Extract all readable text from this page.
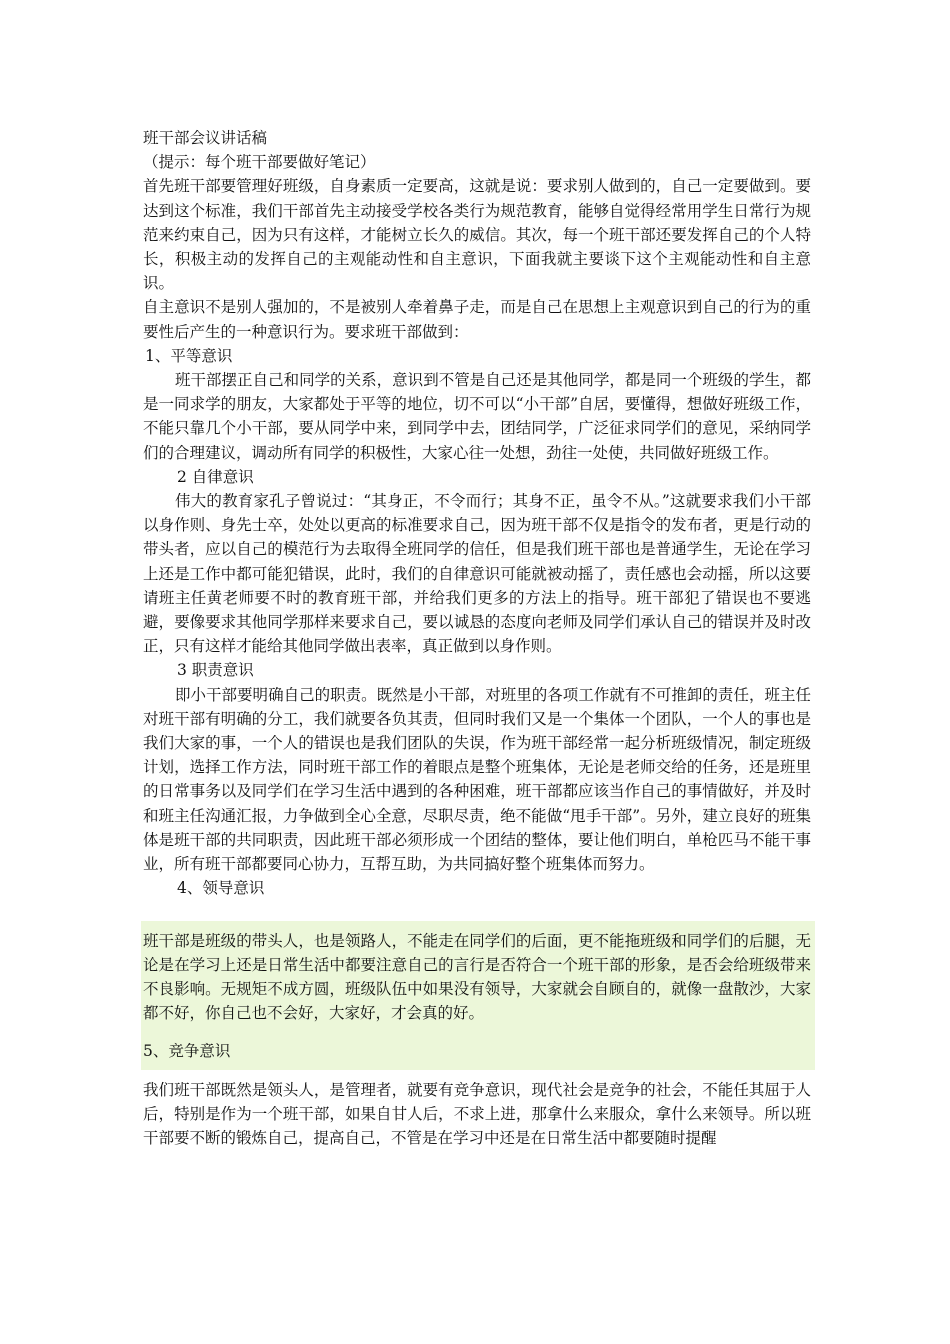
班干部会议讲话稿

（提示：每个班干部要做好笔记）

首先班干部要管理好班级，自身素质一定要高，这就是说：要求别人做到的，自己一定要做到。要达到这个标准，我们干部首先主动接受学校各类行为规范教育，能够自觉得经常用学生日常行为规范来约束自己，因为只有这样，才能树立长久的威信。其次，每一个班干部还要发挥自己的个人特长，积极主动的发挥自己的主观能动性和自主意识，下面我就主要谈下这个主观能动性和自主意识。

自主意识不是别人强加的，不是被别人牵着鼻子走，而是自己在思想上主观意识到自己的行为的重要性后产生的一种意识行为。要求班干部做到：

1、平等意识

班干部摆正自己和同学的关系，意识到不管是自己还是其他同学，都是同一个班级的学生，都是一同求学的朋友，大家都处于平等的地位，切不可以“小干部”自居，要懂得，想做好班级工作，不能只靠几个小干部，要从同学中来，到同学中去，团结同学，广泛征求同学们的意见，采纳同学们的合理建议，调动所有同学的积极性，大家心往一处想，劲往一处使，共同做好班级工作。

2 自律意识

伟大的教育家孔子曾说过：“其身正，不令而行；其身不正，虽令不从。”这就要求我们小干部以身作则、身先士卒，处处以更高的标准要求自己，因为班干部不仅是指令的发布者，更是行动的带头者，应以自己的模范行为去取得全班同学的信任，但是我们班干部也是普通学生，无论在学习上还是工作中都可能犯错误，此时，我们的自律意识可能就被动摇了，责任感也会动摇，所以这要请班主任黄老师要不时的教育班干部，并给我们更多的方法上的指导。班干部犯了错误也不要逃避，要像要求其他同学那样来要求自己，要以诚恳的态度向老师及同学们承认自己的错误并及时改正，只有这样才能给其他同学做出表率，真正做到以身作则。

3 职责意识

即小干部要明确自己的职责。既然是小干部，对班里的各项工作就有不可推卸的责任，班主任对班干部有明确的分工，我们就要各负其责，但同时我们又是一个集体一个团队，一个人的事也是我们大家的事，一个人的错误也是我们团队的失误，作为班干部经常一起分析班级情况，制定班级计划，选择工作方法，同时班干部工作的着眼点是整个班集体，无论是老师交给的任务，还是班里的日常事务以及同学们在学习生活中遇到的各种困难，班干部都应该当作自己的事情做好，并及时和班主任沟通汇报，力争做到全心全意，尽职尽责，绝不能做“甩手干部”。另外，建立良好的班集体是班干部的共同职责，因此班干部必须形成一个团结的整体，要让他们明白，单枪匹马不能干事业，所有班干部都要同心协力，互帮互助，为共同搞好整个班集体而努力。

4、领导意识

班干部是班级的带头人，也是领路人，不能走在同学们的后面，更不能拖班级和同学们的后腿，无论是在学习上还是日常生活中都要注意自己的言行是否符合一个班干部的形象，是否会给班级带来不良影响。无规矩不成方圆，班级队伍中如果没有领导，大家就会自顾自的，就像一盘散沙，大家都不好，你自己也不会好，大家好，才会真的好。

5、竞争意识

我们班干部既然是领头人，是管理者，就要有竞争意识，现代社会是竞争的社会，不能任其屈于人后，特别是作为一个班干部，如果自甘人后，不求上进，那拿什么来服众，拿什么来领导。所以班干部要不断的锻炼自己，提高自己，不管是在学习中还是在日常生活中都要随时提醒
